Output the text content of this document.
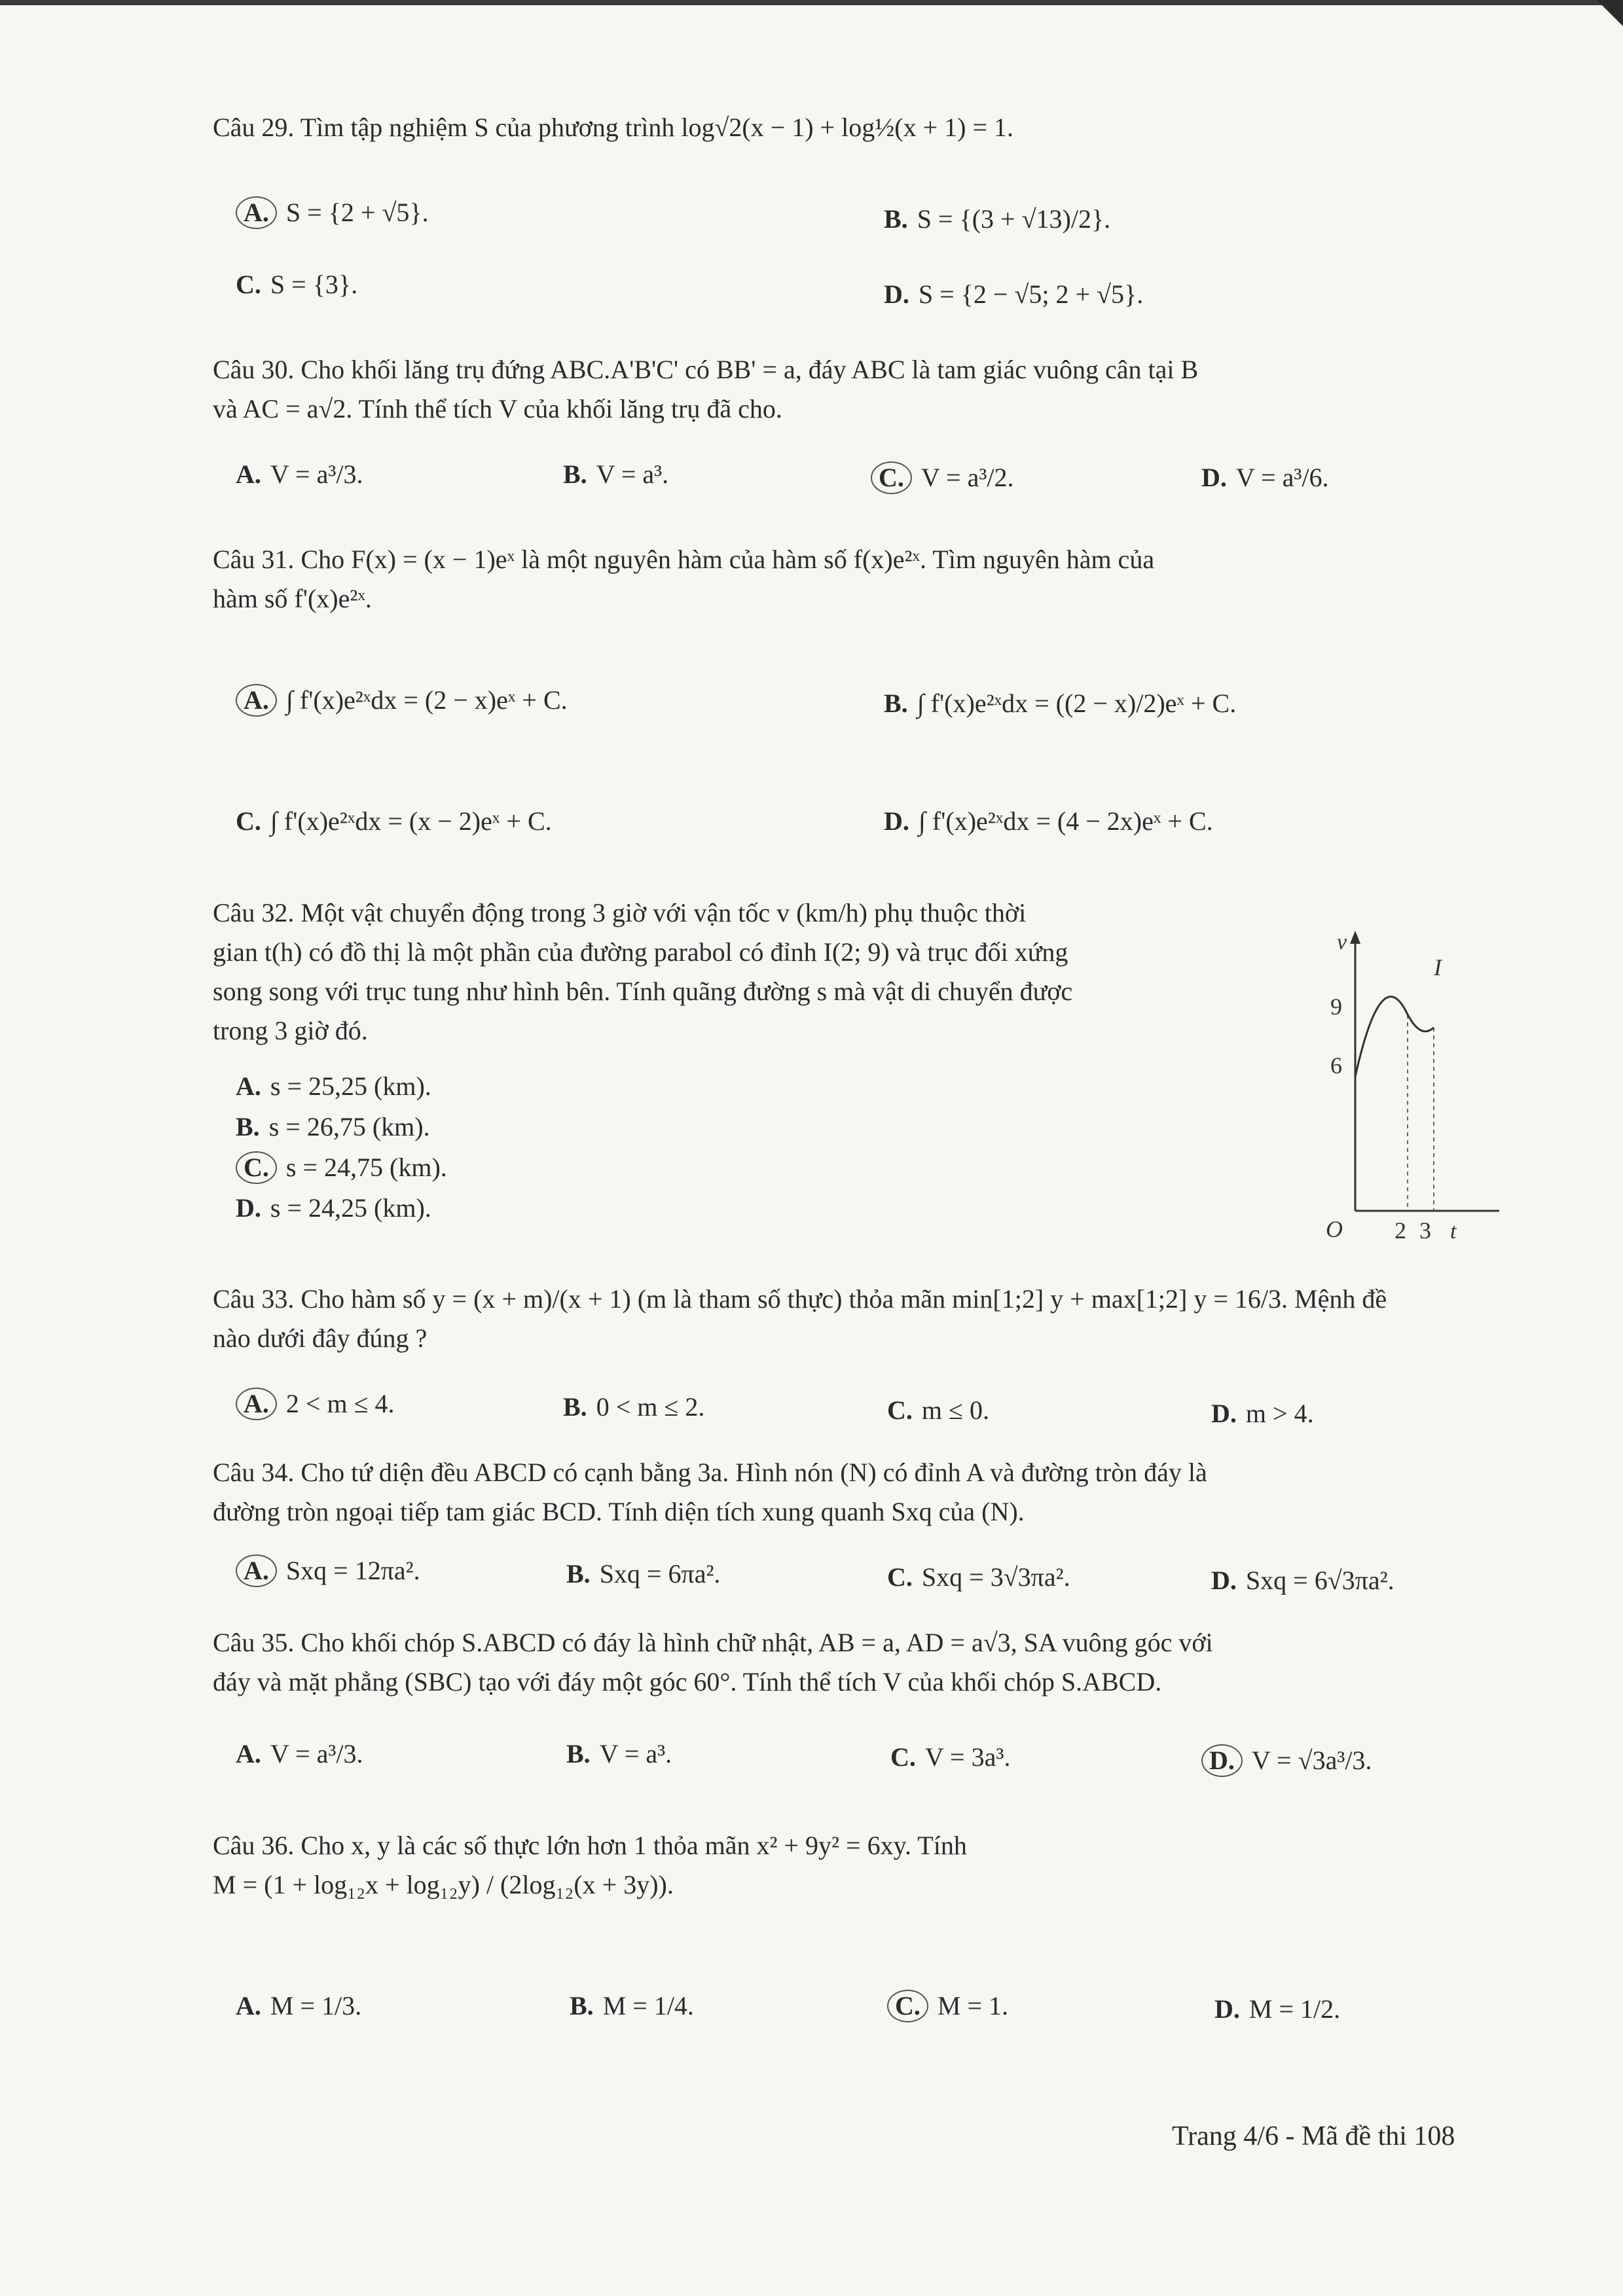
Câu 29. Tìm tập nghiệm S của phương trình log√2(x − 1) + log½(x + 1) = 1.
A. S = {2 + √5}.	B. S = {(3 + √13)/2}.
C. S = {3}.	D. S = {2 − √5; 2 + √5}.
Câu 30. Cho khối lăng trụ đứng ABC.A'B'C' có BB' = a, đáy ABC là tam giác vuông cân tại B
và AC = a√2. Tính thể tích V của khối lăng trụ đã cho.
A. V = a³/3.	B. V = a³.	C. V = a³/2.	D. V = a³/6.
Câu 31. Cho F(x) = (x − 1)eˣ là một nguyên hàm của hàm số f(x)e²ˣ. Tìm nguyên hàm của
hàm số f'(x)e²ˣ.
A. ∫ f'(x)e²ˣdx = (2 − x)eˣ + C.	B. ∫ f'(x)e²ˣdx = ((2 − x)/2)eˣ + C.
C. ∫ f'(x)e²ˣdx = (x − 2)eˣ + C.	D. ∫ f'(x)e²ˣdx = (4 − 2x)eˣ + C.
Câu 32. Một vật chuyển động trong 3 giờ với vận tốc v (km/h) phụ thuộc thời
gian t(h) có đồ thị là một phần của đường parabol có đỉnh I(2; 9) và trục đối xứng
song song với trục tung như hình bên. Tính quãng đường s mà vật di chuyển được
trong 3 giờ đó.
A. s = 25,25 (km).
B. s = 26,75 (km).
C. s = 24,75 (km).
D. s = 24,25 (km).
v
9
6
I
O 2 3 t
Câu 33. Cho hàm số y = (x + m)/(x + 1) (m là tham số thực) thỏa mãn min[1;2] y + max[1;2] y = 16/3. Mệnh đề
nào dưới đây đúng ?
A. 2 < m ≤ 4.	B. 0 < m ≤ 2.	C. m ≤ 0.	D. m > 4.
Câu 34. Cho tứ diện đều ABCD có cạnh bằng 3a. Hình nón (N) có đỉnh A và đường tròn đáy là
đường tròn ngoại tiếp tam giác BCD. Tính diện tích xung quanh Sxq của (N).
A. Sxq = 12πa².	B. Sxq = 6πa².	C. Sxq = 3√3πa².	D. Sxq = 6√3πa².
Câu 35. Cho khối chóp S.ABCD có đáy là hình chữ nhật, AB = a, AD = a√3, SA vuông góc với
đáy và mặt phẳng (SBC) tạo với đáy một góc 60°. Tính thể tích V của khối chóp S.ABCD.
A. V = a³/3.	B. V = a³.	C. V = 3a³.	D. V = √3a³/3.
Câu 36. Cho x, y là các số thực lớn hơn 1 thỏa mãn x² + 9y² = 6xy. Tính
M = (1 + log₁₂x + log₁₂y) / (2log₁₂(x + 3y)).
A. M = 1/3.	B. M = 1/4.	C. M = 1.	D. M = 1/2.
Trang 4/6 - Mã đề thi 108
